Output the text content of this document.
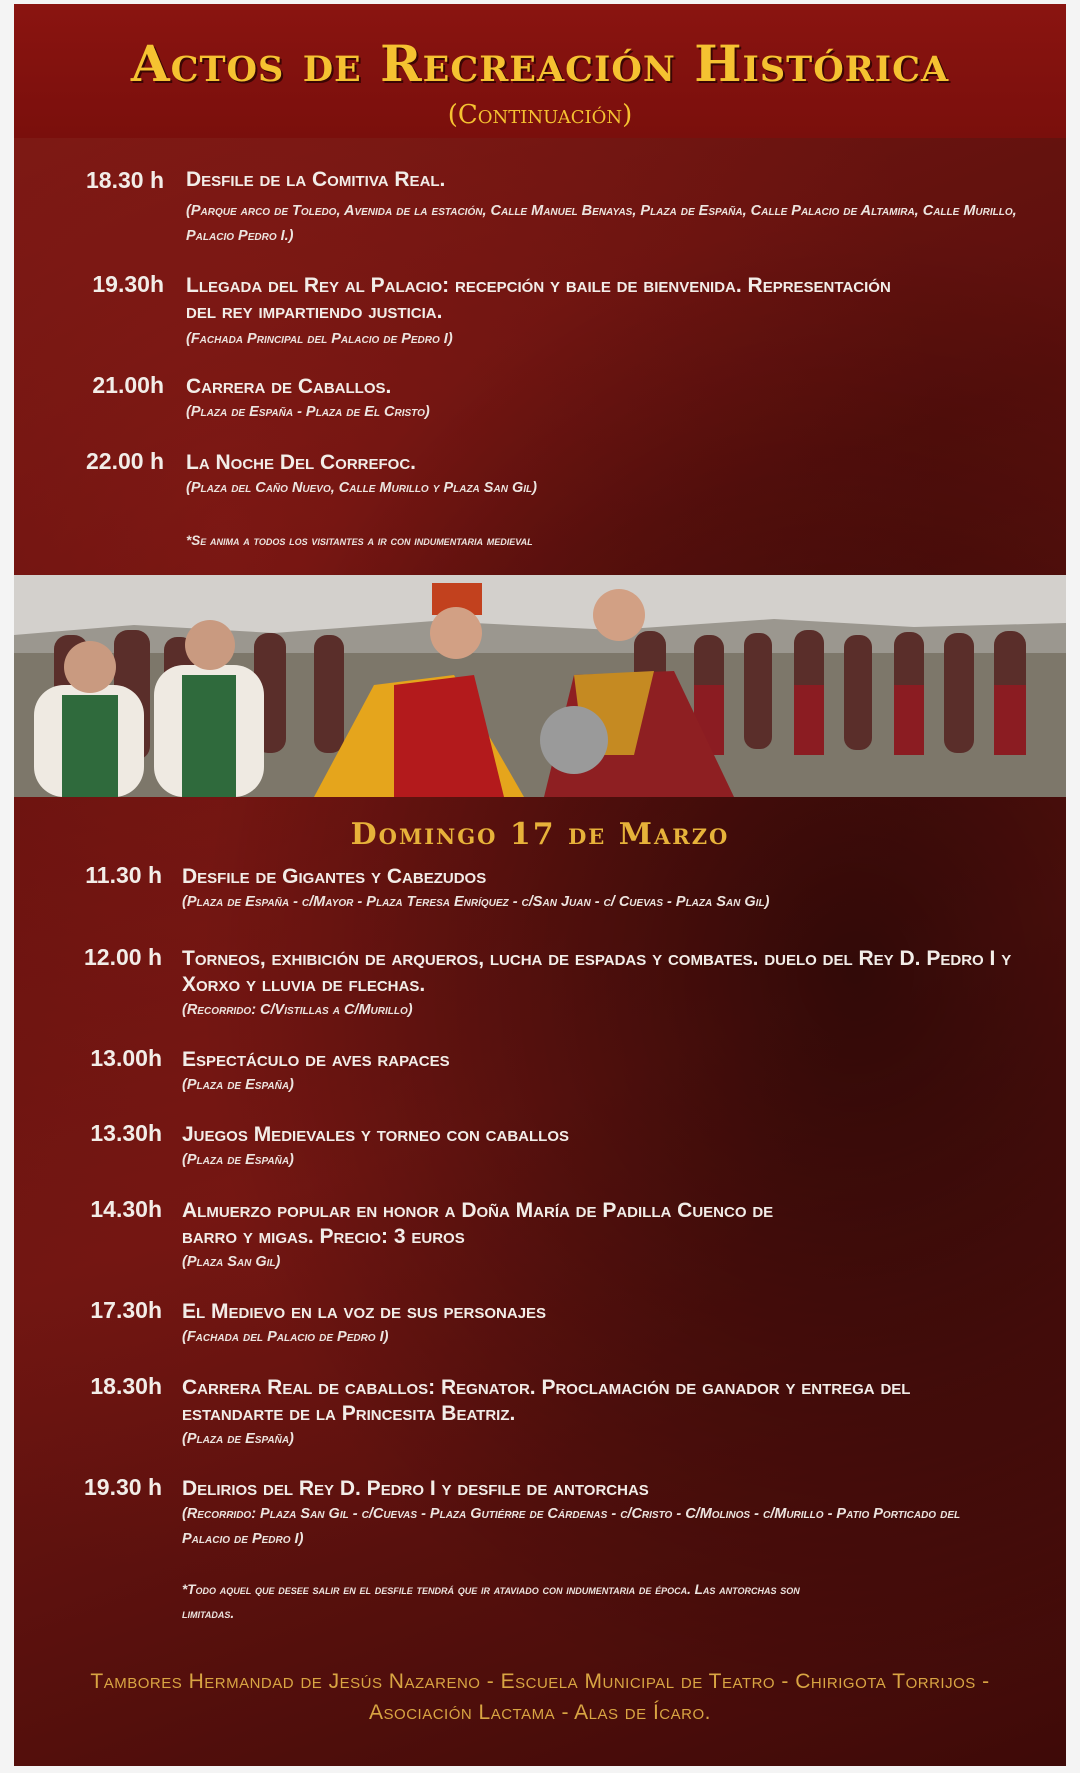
Actos de Recreación Histórica
(Continuación)
18.30 h Desfile de la Comitiva Real.
(Parque arco de Toledo, Avenida de la estación, Calle Manuel Benayas, Plaza de España, Calle Palacio de Altamira, Calle Murillo, Palacio Pedro I.)
19.30h Llegada del Rey al Palacio: recepción y baile de bienvenida. Representación del rey impartiendo justicia.
(Fachada Principal del Palacio de Pedro I)
21.00h Carrera de Caballos.
(Plaza de España - Plaza de El Cristo)
22.00 h La Noche Del Correfoc.
(Plaza del Caño Nuevo, Calle Murillo y Plaza San Gil)
*Se anima a todos los visitantes a ir con indumentaria medieval
Domingo 17 de Marzo
11.30 h Desfile de Gigantes y Cabezudos
(Plaza de España - c/Mayor - Plaza Teresa Enríquez - c/San Juan - c/ Cuevas - Plaza San Gil)
12.00 h Torneos, exhibición de arqueros, lucha de espadas y combates. duelo del Rey D. Pedro I y Xorxo y lluvia de flechas.
(Recorrido: C/Vistillas a C/Murillo)
13.00h Espectáculo de aves rapaces
(Plaza de España)
13.30h Juegos Medievales y torneo con caballos
(Plaza de España)
14.30h Almuerzo popular en honor a Doña María de Padilla Cuenco de barro y migas. Precio: 3 euros
(Plaza San Gil)
17.30h El Medievo en la voz de sus personajes
(Fachada del Palacio de Pedro I)
18.30h Carrera Real de caballos: Regnator. Proclamación de ganador y entrega del estandarte de la Princesita Beatriz.
(Plaza de España)
19.30 h Delirios del Rey D. Pedro I y desfile de antorchas
(Recorrido: Plaza San Gil - c/Cuevas - Plaza Gutiérre de Cárdenas - c/Cristo - C/Molinos - c/Murillo - Patio Porticado del Palacio de Pedro I)
*Todo aquel que desee salir en el desfile tendrá que ir ataviado con indumentaria de época. Las antorchas son limitadas.
Tambores Hermandad de Jesús Nazareno - Escuela Municipal de Teatro - Chirigota Torrijos - Asociación Lactama - Alas de Ícaro.
